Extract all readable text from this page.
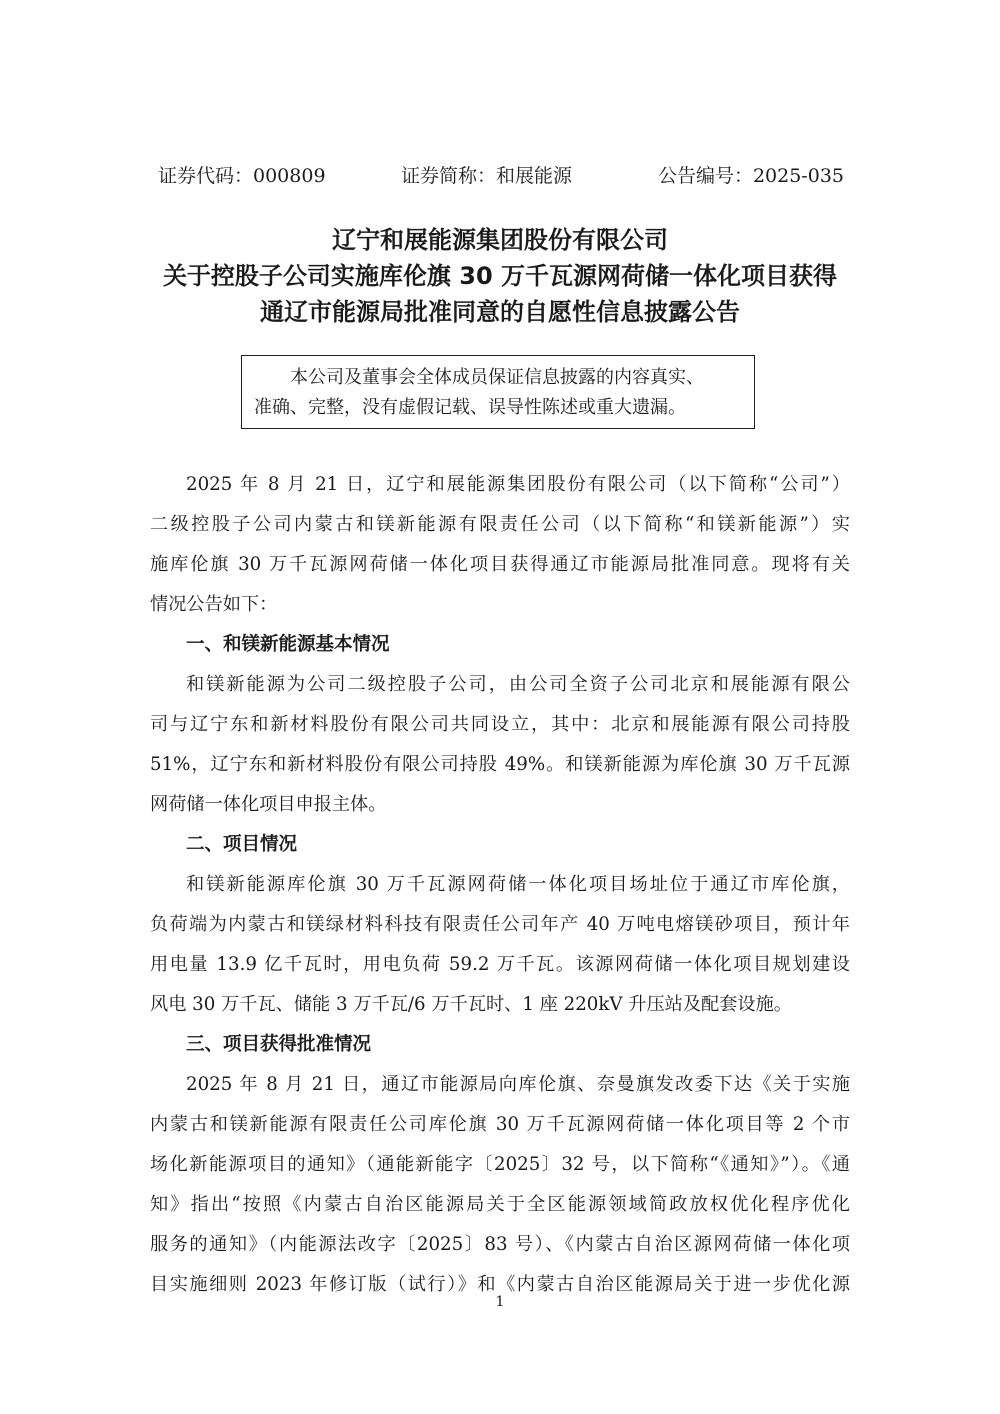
证券代码：000809	证券简称：和展能源	公告编号：2025-035
辽宁和展能源集团股份有限公司
关于控股子公司实施库伦旗 30 万千瓦源网荷储一体化项目获得
通辽市能源局批准同意的自愿性信息披露公告
本公司及董事会全体成员保证信息披露的内容真实、
准确、完整，没有虚假记载、误导性陈述或重大遗漏。
2025 年 8 月 21 日，辽宁和展能源集团股份有限公司（以下简称“公司”）
二级控股子公司内蒙古和镁新能源有限责任公司（以下简称“和镁新能源”）实
施库伦旗 30 万千瓦源网荷储一体化项目获得通辽市能源局批准同意。现将有关
情况公告如下：
一、和镁新能源基本情况
和镁新能源为公司二级控股子公司，由公司全资子公司北京和展能源有限公
司与辽宁东和新材料股份有限公司共同设立，其中：北京和展能源有限公司持股
51%，辽宁东和新材料股份有限公司持股 49%。和镁新能源为库伦旗 30 万千瓦源
网荷储一体化项目申报主体。
二、项目情况
和镁新能源库伦旗 30 万千瓦源网荷储一体化项目场址位于通辽市库伦旗，
负荷端为内蒙古和镁绿材料科技有限责任公司年产 40 万吨电熔镁砂项目，预计年
用电量 13.9 亿千瓦时，用电负荷 59.2 万千瓦。该源网荷储一体化项目规划建设
风电 30 万千瓦、储能 3 万千瓦/6 万千瓦时、1 座 220kV 升压站及配套设施。
三、项目获得批准情况
2025 年 8 月 21 日，通辽市能源局向库伦旗、奈曼旗发改委下达《关于实施
内蒙古和镁新能源有限责任公司库伦旗 30 万千瓦源网荷储一体化项目等 2 个市
场化新能源项目的通知》（通能新能字〔2025〕32 号，以下简称“《通知》”）。《通
知》指出“按照《内蒙古自治区能源局关于全区能源领域简政放权优化程序优化
服务的通知》（内能源法改字〔2025〕83 号）、《内蒙古自治区源网荷储一体化项
目实施细则 2023 年修订版（试行）》和《内蒙古自治区能源局关于进一步优化源
1
